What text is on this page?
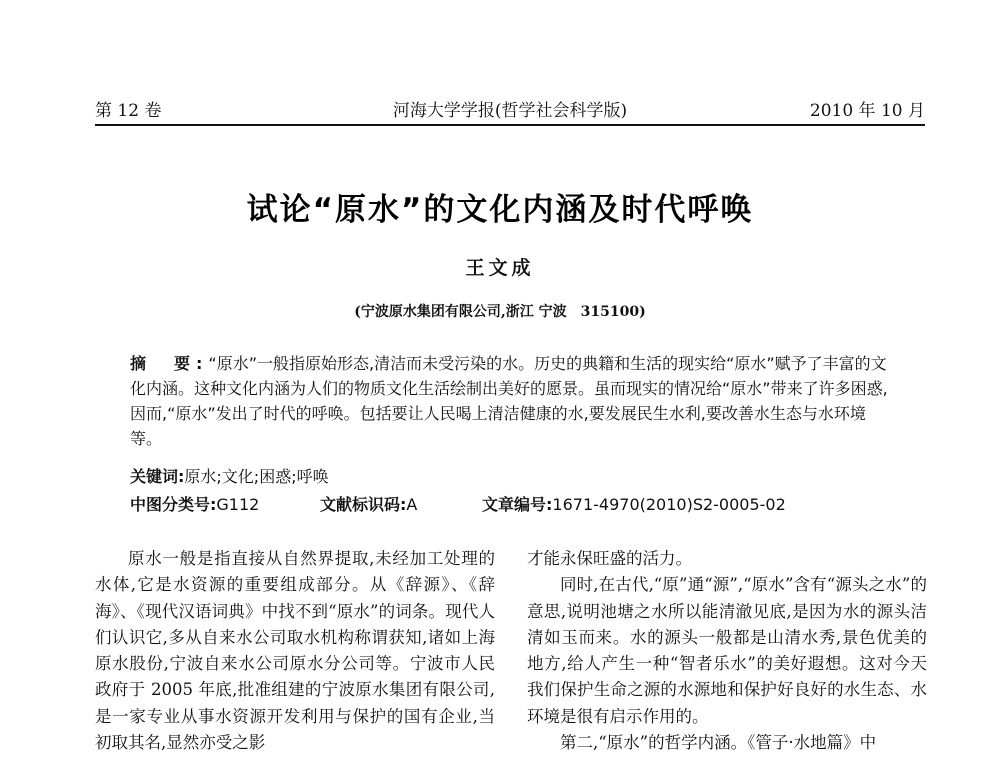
第 12 卷	河海大学学报(哲学社会科学版)	2010 年 10 月
试论“原水”的文化内涵及时代呼唤
王文成
(宁波原水集团有限公司,浙江 宁波　315100)
摘　要:“原水”一般指原始形态,清洁而未受污染的水。历史的典籍和生活的现实给“原水”赋予了丰富的文化内涵。这种文化内涵为人们的物质文化生活绘制出美好的愿景。虽而现实的情况给“原水”带来了许多困惑,因而,“原水”发出了时代的呼唤。包括要让人民喝上清洁健康的水,要发展民生水利,要改善水生态与水环境等。
关键词:原水;文化;困惑;呼唤
中图分类号:G112	文献标识码:A	文章编号:1671-4970(2010)S2-0005-02

原水一般是指直接从自然界提取,未经加工处理的水体,它是水资源的重要组成部分。从《辞源》、《辞海》、《现代汉语词典》中找不到“原水”的词条。现代人们认识它,多从自来水公司取水机构称谓获知,诸如上海原水股份,宁波自来水公司原水分公司等。宁波市人民政府于 2005 年底,批准组建的宁波原水集团有限公司,是一家专业从事水资源开发利用与保护的国有企业,当初取其名,显然亦受之影

才能永保旺盛的活力。

同时,在古代,“原”通“源”,“原水”含有“源头之水”的意思,说明池塘之水所以能清澈见底,是因为水的源头洁清如玉而来。水的源头一般都是山清水秀,景色优美的地方,给人产生一种“智者乐水”的美好遐想。这对今天我们保护生命之源的水源地和保护好良好的水生态、水环境是很有启示作用的。

第二,“原水”的哲学内涵。《管子·水地篇》中
